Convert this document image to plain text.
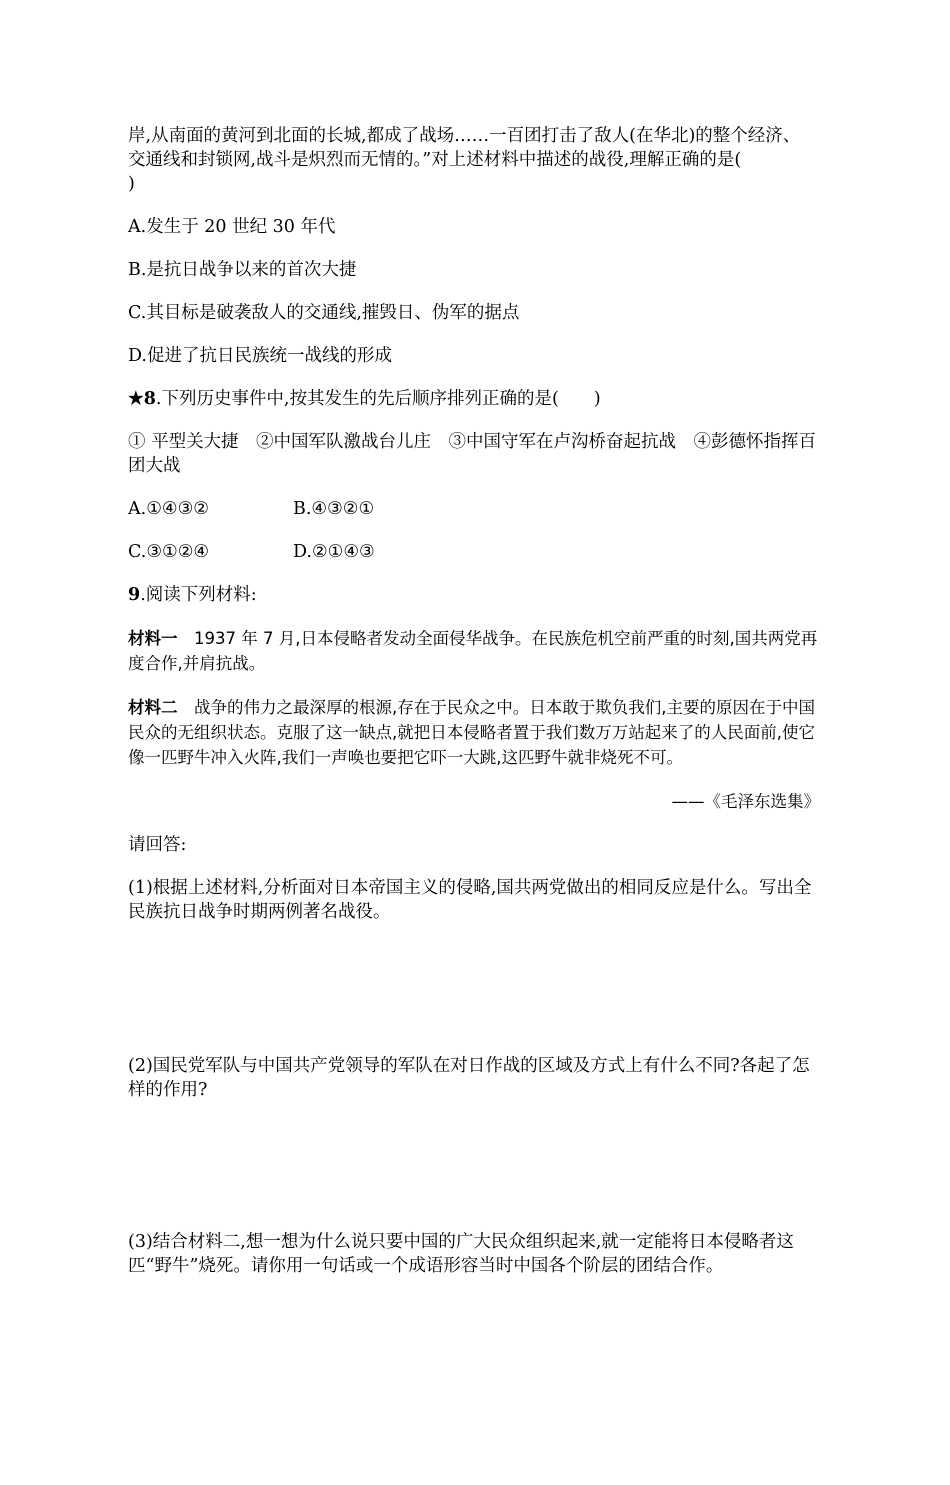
岸,从南面的黄河到北面的长城,都成了战场……一百团打击了敌人(在华北)的整个经济、

交通线和封锁网,战斗是炽烈而无情的。”对上述材料中描述的战役,理解正确的是(

)

A.发生于 20 世纪 30 年代

B.是抗日战争以来的首次大捷

C.其目标是破袭敌人的交通线,摧毁日、伪军的据点

D.促进了抗日民族统一战线的形成

★8.下列历史事件中,按其发生的先后顺序排列正确的是(　　)

① 平型关大捷　②中国军队激战台儿庄　③中国守军在卢沟桥奋起抗战　④彭德怀指挥百团大战

A.①④③②	B.④③②①

C.③①②④	D.②①④③

9.阅读下列材料:

材料一　1937 年 7 月,日本侵略者发动全面侵华战争。在民族危机空前严重的时刻,国共两党再度合作,并肩抗战。

材料二　战争的伟力之最深厚的根源,存在于民众之中。日本敢于欺负我们,主要的原因在于中国民众的无组织状态。克服了这一缺点,就把日本侵略者置于我们数万万站起来了的人民面前,使它像一匹野牛冲入火阵,我们一声唤也要把它吓一大跳,这匹野牛就非烧死不可。

——《毛泽东选集》

请回答:

(1)根据上述材料,分析面对日本帝国主义的侵略,国共两党做出的相同反应是什么。写出全民族抗日战争时期两例著名战役。

(2)国民党军队与中国共产党领导的军队在对日作战的区域及方式上有什么不同?各起了怎样的作用?

(3)结合材料二,想一想为什么说只要中国的广大民众组织起来,就一定能将日本侵略者这匹“野牛”烧死。请你用一句话或一个成语形容当时中国各个阶层的团结合作。
